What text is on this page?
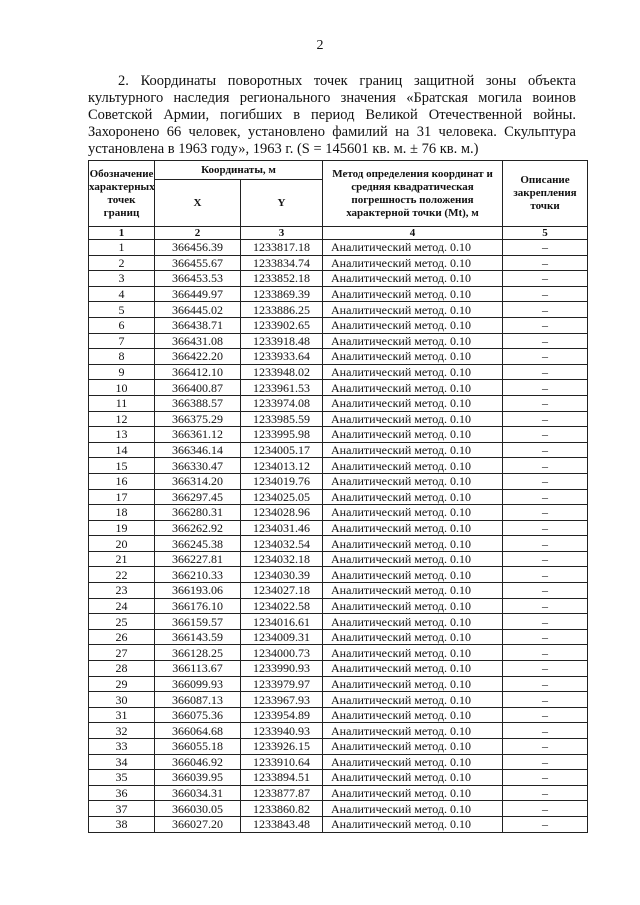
2

2. Координаты поворотных точек границ защитной зоны объекта культурного наследия регионального значения «Братская могила воинов Советской Армии, погибших в период Великой Отечественной войны. Захоронено 66 человек, установлено фамилий на 31 человека. Скульптура установлена в 1963 году», 1963 г. (S = 145601 кв. м. ± 76 кв. м.)

Обозначение характерных точек границ	Координаты, м		Метод определения координат и средняя квадратическая погрешность положения характерной точки (Mt), м	Описание закрепления точки
	X	Y		
1	2	3	4	5
1	366456.39	1233817.18	Аналитический метод. 0.10	–
2	366455.67	1233834.74	Аналитический метод. 0.10	–
3	366453.53	1233852.18	Аналитический метод. 0.10	–
4	366449.97	1233869.39	Аналитический метод. 0.10	–
5	366445.02	1233886.25	Аналитический метод. 0.10	–
6	366438.71	1233902.65	Аналитический метод. 0.10	–
7	366431.08	1233918.48	Аналитический метод. 0.10	–
8	366422.20	1233933.64	Аналитический метод. 0.10	–
9	366412.10	1233948.02	Аналитический метод. 0.10	–
10	366400.87	1233961.53	Аналитический метод. 0.10	–
11	366388.57	1233974.08	Аналитический метод. 0.10	–
12	366375.29	1233985.59	Аналитический метод. 0.10	–
13	366361.12	1233995.98	Аналитический метод. 0.10	–
14	366346.14	1234005.17	Аналитический метод. 0.10	–
15	366330.47	1234013.12	Аналитический метод. 0.10	–
16	366314.20	1234019.76	Аналитический метод. 0.10	–
17	366297.45	1234025.05	Аналитический метод. 0.10	–
18	366280.31	1234028.96	Аналитический метод. 0.10	–
19	366262.92	1234031.46	Аналитический метод. 0.10	–
20	366245.38	1234032.54	Аналитический метод. 0.10	–
21	366227.81	1234032.18	Аналитический метод. 0.10	–
22	366210.33	1234030.39	Аналитический метод. 0.10	–
23	366193.06	1234027.18	Аналитический метод. 0.10	–
24	366176.10	1234022.58	Аналитический метод. 0.10	–
25	366159.57	1234016.61	Аналитический метод. 0.10	–
26	366143.59	1234009.31	Аналитический метод. 0.10	–
27	366128.25	1234000.73	Аналитический метод. 0.10	–
28	366113.67	1233990.93	Аналитический метод. 0.10	–
29	366099.93	1233979.97	Аналитический метод. 0.10	–
30	366087.13	1233967.93	Аналитический метод. 0.10	–
31	366075.36	1233954.89	Аналитический метод. 0.10	–
32	366064.68	1233940.93	Аналитический метод. 0.10	–
33	366055.18	1233926.15	Аналитический метод. 0.10	–
34	366046.92	1233910.64	Аналитический метод. 0.10	–
35	366039.95	1233894.51	Аналитический метод. 0.10	–
36	366034.31	1233877.87	Аналитический метод. 0.10	–
37	366030.05	1233860.82	Аналитический метод. 0.10	–
38	366027.20	1233843.48	Аналитический метод. 0.10	–
